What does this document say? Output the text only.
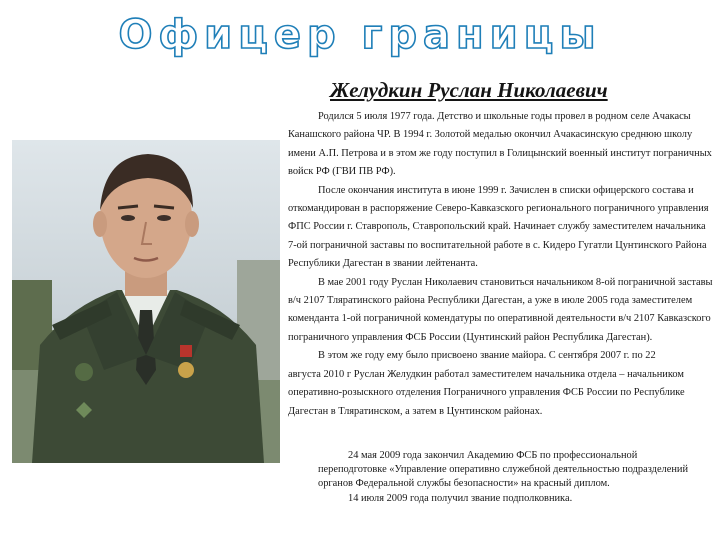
Офицер границы
Желудкин Руслан Николаевич

Родился 5 июля 1977 года. Детство и школьные годы провел в родном селе Ачакасы Канашского района ЧР. В 1994 г. Золотой медалью окончил Ачакасинскую среднюю школу имени А.П. Петрова и в этом же году поступил в Голицынский военный институт пограничных войск РФ (ГВИ ПВ РФ).

После окончания института в июне 1999 г. Зачислен в списки офицерского состава и откомандирован в распоряжение Северо-Кавказского регионального пограничного управления ФПС России г. Ставрополь, Ставропольский край. Начинает службу заместителем начальника 7-ой пограничной заставы по воспитательной работе в с. Кидеро Гугатли Цунтинского Района Республики Дагестан в звании лейтенанта.

В мае 2001 году Руслан Николаевич становиться начальником 8-ой пограничной заставы в/ч 2107 Тляратинского района Республики Дагестан, а уже в июле 2005 года заместителем коменданта 1-ой пограничной комендатуры по оперативной деятельности в/ч 2107 Кавказского пограничного управления ФСБ России (Цунтинский район Республика Дагестан).

В этом же году ему было присвоено звание майора. С сентября 2007 г. по 22

августа 2010 г Руслан Желудкин работал заместителем начальника отдела – начальником оперативно-розыскного отделения Пограничного управления ФСБ России по Республике Дагестан в Тляратинском, а затем в Цунтинском районах.

24 мая 2009 года закончил Академию ФСБ по профессиональной переподготовке «Управление оперативно служебной деятельностью подразделений органов Федеральной службы безопасности» на красный диплом.

14 июля 2009 года получил звание подполковника.
